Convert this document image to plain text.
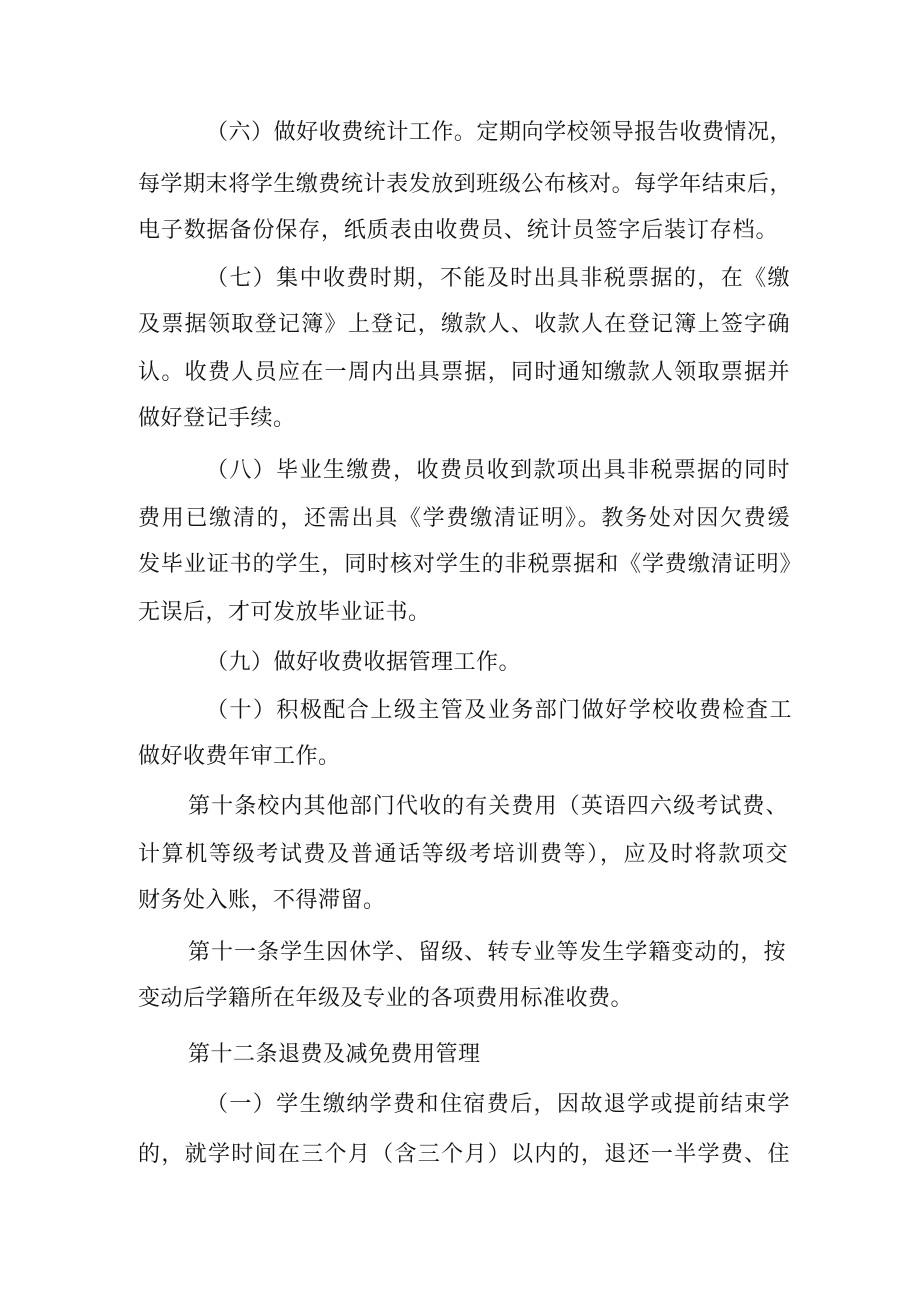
（六）做好收费统计工作。定期向学校领导报告收费情况，
每学期末将学生缴费统计表发放到班级公布核对。每学年结束后，
电子数据备份保存，纸质表由收费员、统计员签字后装订存档。
（七）集中收费时期，不能及时出具非税票据的，在《缴
及票据领取登记簿》上登记，缴款人、收款人在登记簿上签字确
认。收费人员应在一周内出具票据，同时通知缴款人领取票据并
做好登记手续。
（八）毕业生缴费，收费员收到款项出具非税票据的同时
费用已缴清的，还需出具《学费缴清证明》。教务处对因欠费缓
发毕业证书的学生，同时核对学生的非税票据和《学费缴清证明》
无误后，才可发放毕业证书。
（九）做好收费收据管理工作。
（十）积极配合上级主管及业务部门做好学校收费检査工
做好收费年审工作。
第十条校内其他部门代收的有关费用（英语四六级考试费、
计算机等级考试费及普通话等级考培训费等），应及时将款项交
财务处入账，不得滞留。
第十一条学生因休学、留级、转专业等发生学籍变动的，按
变动后学籍所在年级及专业的各项费用标准收费。
第十二条退费及减免费用管理
（一）学生缴纳学费和住宿费后，因故退学或提前结束学
的，就学时间在三个月（含三个月）以内的，退还一半学费、住
